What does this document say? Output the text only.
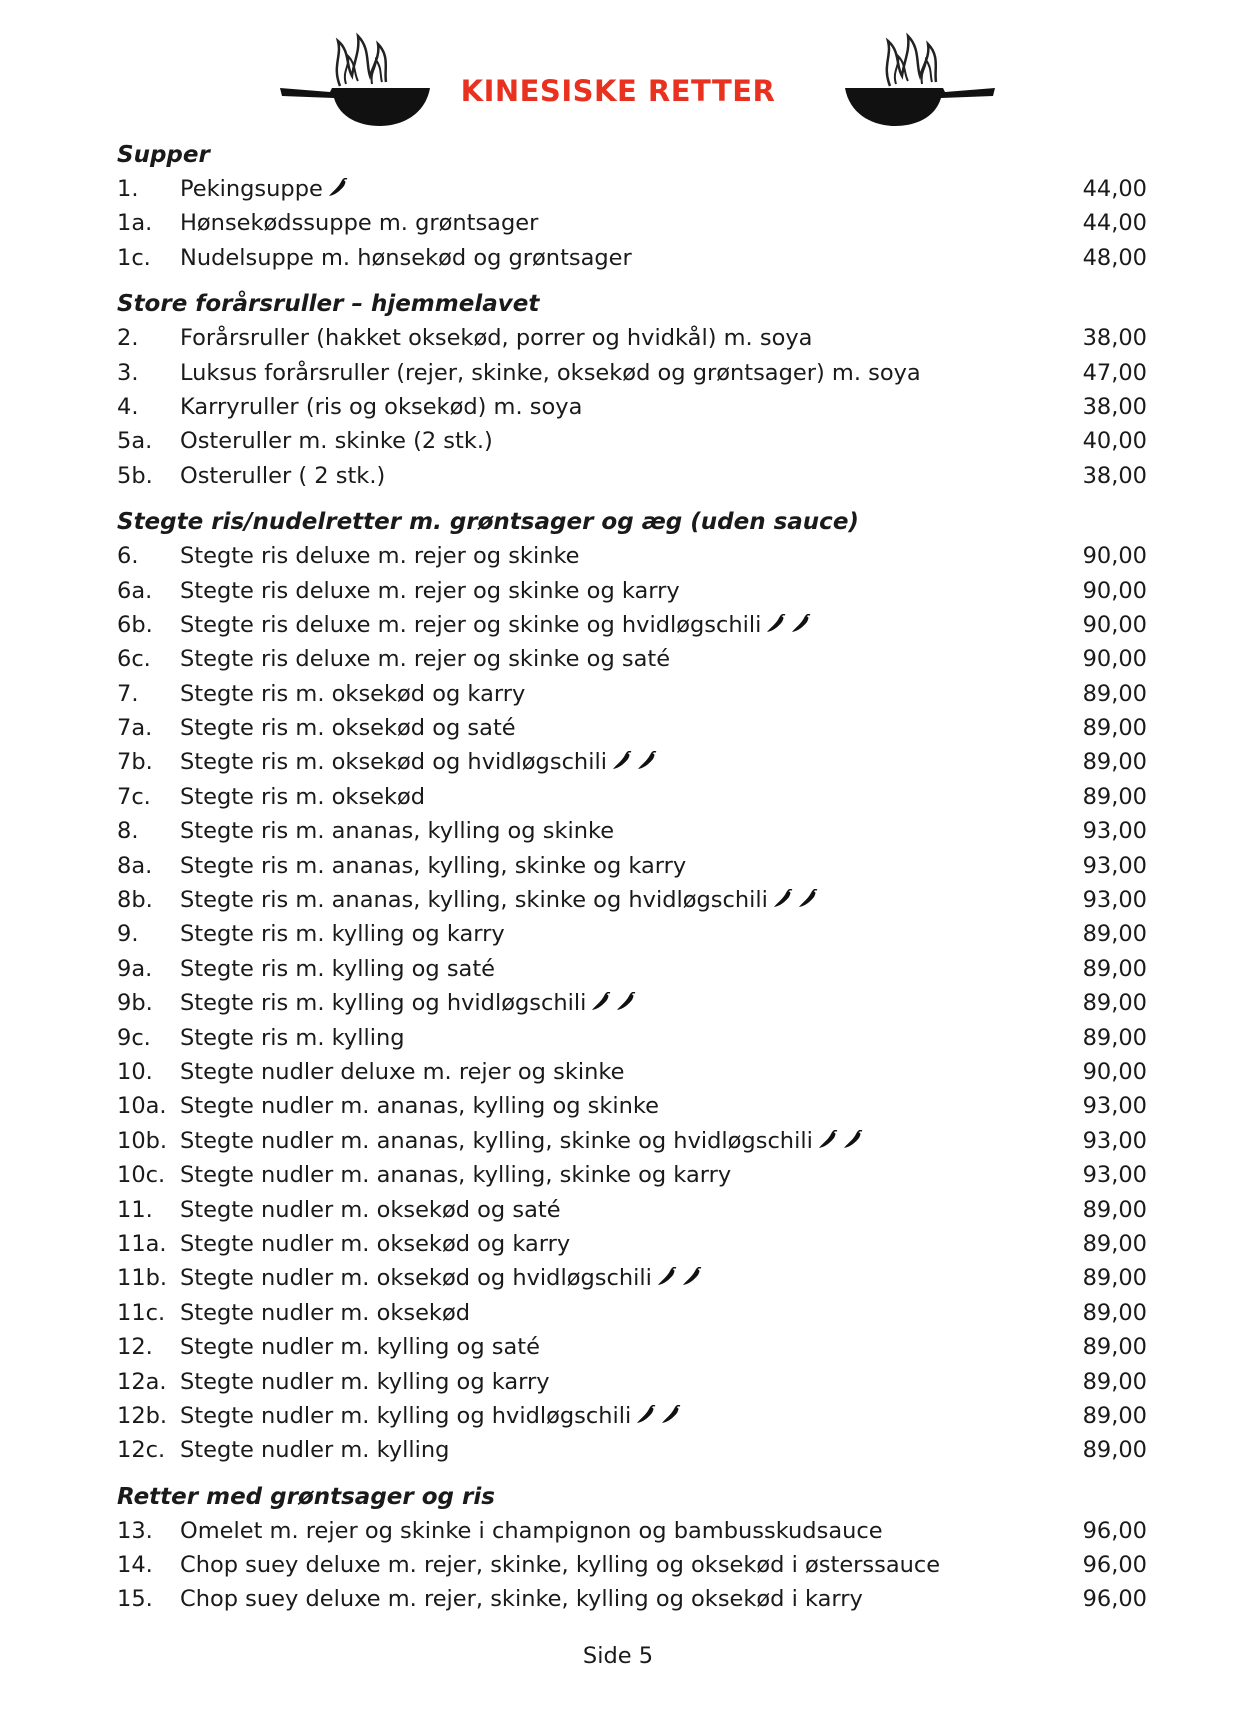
KINESISKE RETTER
Supper
1.	Pekingsuppe	44,00
1a.	Hønsekødssuppe m. grøntsager	44,00
1c.	Nudelsuppe m. hønsekød og grøntsager	48,00
Store forårsruller – hjemmelavet
2.	Forårsruller (hakket oksekød, porrer og hvidkål) m. soya	38,00
3.	Luksus forårsruller (rejer, skinke, oksekød og grøntsager) m. soya	47,00
4.	Karryruller (ris og oksekød) m. soya	38,00
5a.	Osteruller m. skinke (2 stk.)	40,00
5b.	Osteruller ( 2 stk.)	38,00
Stegte ris/nudelretter m. grøntsager og æg (uden sauce)
6.	Stegte ris deluxe m. rejer og skinke	90,00
6a.	Stegte ris deluxe m. rejer og skinke og karry	90,00
6b.	Stegte ris deluxe m. rejer og skinke og hvidløgschili	90,00
6c.	Stegte ris deluxe m. rejer og skinke og saté	90,00
7.	Stegte ris m. oksekød og karry	89,00
7a.	Stegte ris m. oksekød og saté	89,00
7b.	Stegte ris m. oksekød og hvidløgschili	89,00
7c.	Stegte ris m. oksekød	89,00
8.	Stegte ris m. ananas, kylling og skinke	93,00
8a.	Stegte ris m. ananas, kylling, skinke og karry	93,00
8b.	Stegte ris m. ananas, kylling, skinke og hvidløgschili	93,00
9.	Stegte ris m. kylling og karry	89,00
9a.	Stegte ris m. kylling og saté	89,00
9b.	Stegte ris m. kylling og hvidløgschili	89,00
9c.	Stegte ris m. kylling	89,00
10.	Stegte nudler deluxe m. rejer og skinke	90,00
10a. Stegte nudler m. ananas, kylling og skinke	93,00
10b. Stegte nudler m. ananas, kylling, skinke og hvidløgschili	93,00
10c. Stegte nudler m. ananas, kylling, skinke og karry	93,00
11.	Stegte nudler m. oksekød og saté	89,00
11a. Stegte nudler m. oksekød og karry	89,00
11b. Stegte nudler m. oksekød og hvidløgschili	89,00
11c. Stegte nudler m. oksekød	89,00
12.	Stegte nudler m. kylling og saté	89,00
12a. Stegte nudler m. kylling og karry	89,00
12b. Stegte nudler m. kylling og hvidløgschili	89,00
12c. Stegte nudler m. kylling	89,00
Retter med grøntsager og ris
13.	Omelet m. rejer og skinke i champignon og bambusskudsauce	96,00
14.	Chop suey deluxe m. rejer, skinke, kylling og oksekød i østerssauce	96,00
15.	Chop suey deluxe m. rejer, skinke, kylling og oksekød i karry	96,00
Side 5
